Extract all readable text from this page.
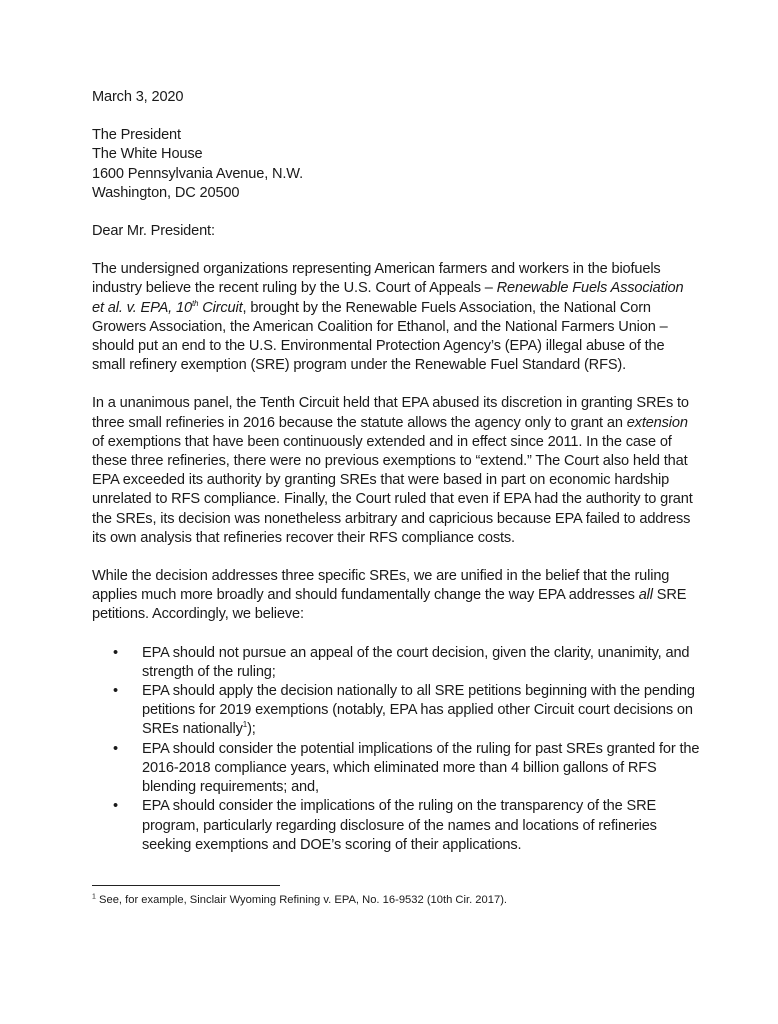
March 3, 2020
The President
The White House
1600 Pennsylvania Avenue, N.W.
Washington, DC 20500
Dear Mr. President:
The undersigned organizations representing American farmers and workers in the biofuels
industry believe the recent ruling by the U.S. Court of Appeals – Renewable Fuels Association
et al. v. EPA, 10th Circuit, brought by the Renewable Fuels Association, the National Corn
Growers Association, the American Coalition for Ethanol, and the National Farmers Union –
should put an end to the U.S. Environmental Protection Agency’s (EPA) illegal abuse of the
small refinery exemption (SRE) program under the Renewable Fuel Standard (RFS).
In a unanimous panel, the Tenth Circuit held that EPA abused its discretion in granting SREs to
three small refineries in 2016 because the statute allows the agency only to grant an extension
of exemptions that have been continuously extended and in effect since 2011. In the case of
these three refineries, there were no previous exemptions to “extend.” The Court also held that
EPA exceeded its authority by granting SREs that were based in part on economic hardship
unrelated to RFS compliance. Finally, the Court ruled that even if EPA had the authority to grant
the SREs, its decision was nonetheless arbitrary and capricious because EPA failed to address
its own analysis that refineries recover their RFS compliance costs.
While the decision addresses three specific SREs, we are unified in the belief that the ruling
applies much more broadly and should fundamentally change the way EPA addresses all SRE
petitions. Accordingly, we believe:
•	EPA should not pursue an appeal of the court decision, given the clarity, unanimity, and
strength of the ruling;
•	EPA should apply the decision nationally to all SRE petitions beginning with the pending
petitions for 2019 exemptions (notably, EPA has applied other Circuit court decisions on
SREs nationally$^1$);
•	EPA should consider the potential implications of the ruling for past SREs granted for the
2016-2018 compliance years, which eliminated more than 4 billion gallons of RFS
blending requirements; and,
•	EPA should consider the implications of the ruling on the transparency of the SRE
program, particularly regarding disclosure of the names and locations of refineries
seeking exemptions and DOE’s scoring of their applications.
$^1$ See, for example, Sinclair Wyoming Refining v. EPA, No. 16-9532 (10th Cir. 2017).
